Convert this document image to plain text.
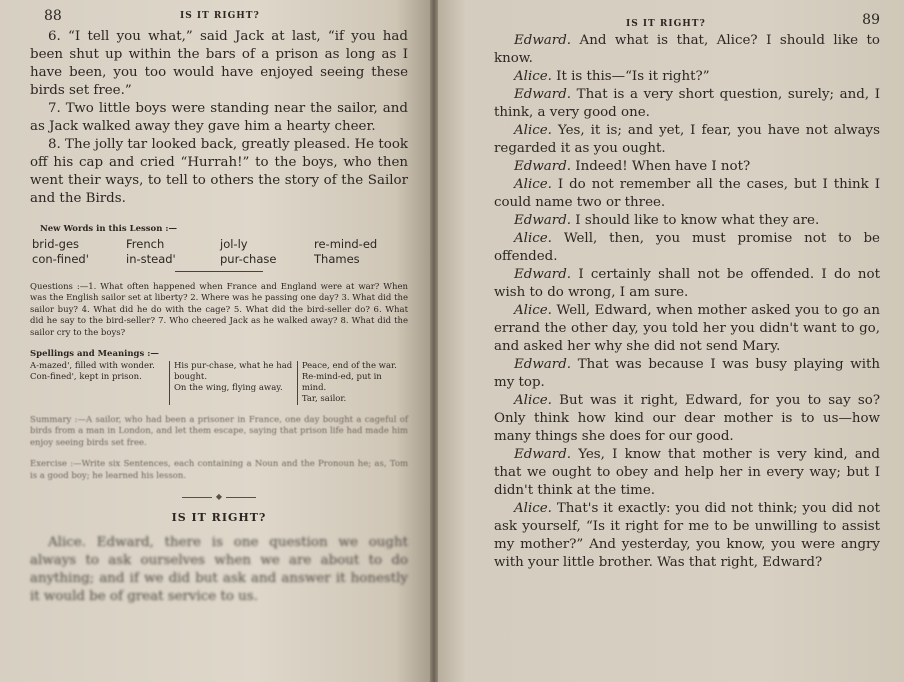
88	IS IT RIGHT?

6. “I tell you what,” said Jack at last, “if you had been shut up within the bars of a prison as long as I have been, you too would have enjoyed seeing these birds set free.”

7. Two little boys were standing near the sailor, and as Jack walked away they gave him a hearty cheer.

8. The jolly tar looked back, greatly pleased. He took off his cap and cried “Hurrah!” to the boys, who then went their ways, to tell to others the story of the Sailor and the Birds.

New Words in this Lesson :—
brid-ges	French	jol-ly	re-mind-ed
con-fined'	in-stead'	pur-chase	Thames
Questions :—1. What often happened when France and England were at war? When was the English sailor set at liberty? 2. Where was he passing one day? 3. What did the sailor buy? 4. What did he do with the cage? 5. What did the bird-seller do? 6. What did he say to the bird-seller? 7. Who cheered Jack as he walked away? 8. What did the sailor cry to the boys?
Spellings and Meanings :—
A-mazed', filled with wonder.
Con-fined', kept in prison.
His pur-chase, what he had bought.
On the wing, flying away.
Peace, end of the war.
Re-mind-ed, put in mind.
Tar, sailor.
Summary :—A sailor, who had been a prisoner in France, one day bought a cageful of birds from a man in London, and let them escape, saying that prison life had made him enjoy seeing birds set free.
Exercise :—Write six Sentences, each containing a Noun and the Pronoun he; as, Tom is a good boy; he learned his lesson.
◆
IS IT RIGHT?

Alice. Edward, there is one question we ought always to ask ourselves when we are about to do anything; and if we did but ask and answer it honestly it would be of great service to us.

IS IT RIGHT?	89

Edward. And what is that, Alice? I should like to know.

Alice. It is this—“Is it right?”

Edward. That is a very short question, surely; and, I think, a very good one.

Alice. Yes, it is; and yet, I fear, you have not always regarded it as you ought.

Edward. Indeed! When have I not?

Alice. I do not remember all the cases, but I think I could name two or three.

Edward. I should like to know what they are.

Alice. Well, then, you must promise not to be offended.

Edward. I certainly shall not be offended. I do not wish to do wrong, I am sure.

Alice. Well, Edward, when mother asked you to go an errand the other day, you told her you didn't want to go, and asked her why she did not send Mary.

Edward. That was because I was busy playing with my top.

Alice. But was it right, Edward, for you to say so? Only think how kind our dear mother is to us—how many things she does for our good.

Edward. Yes, I know that mother is very kind, and that we ought to obey and help her in every way; but I didn't think at the time.

Alice. That's it exactly: you did not think; you did not ask yourself, “Is it right for me to be unwilling to assist my mother?” And yesterday, you know, you were angry with your little brother. Was that right, Edward?
